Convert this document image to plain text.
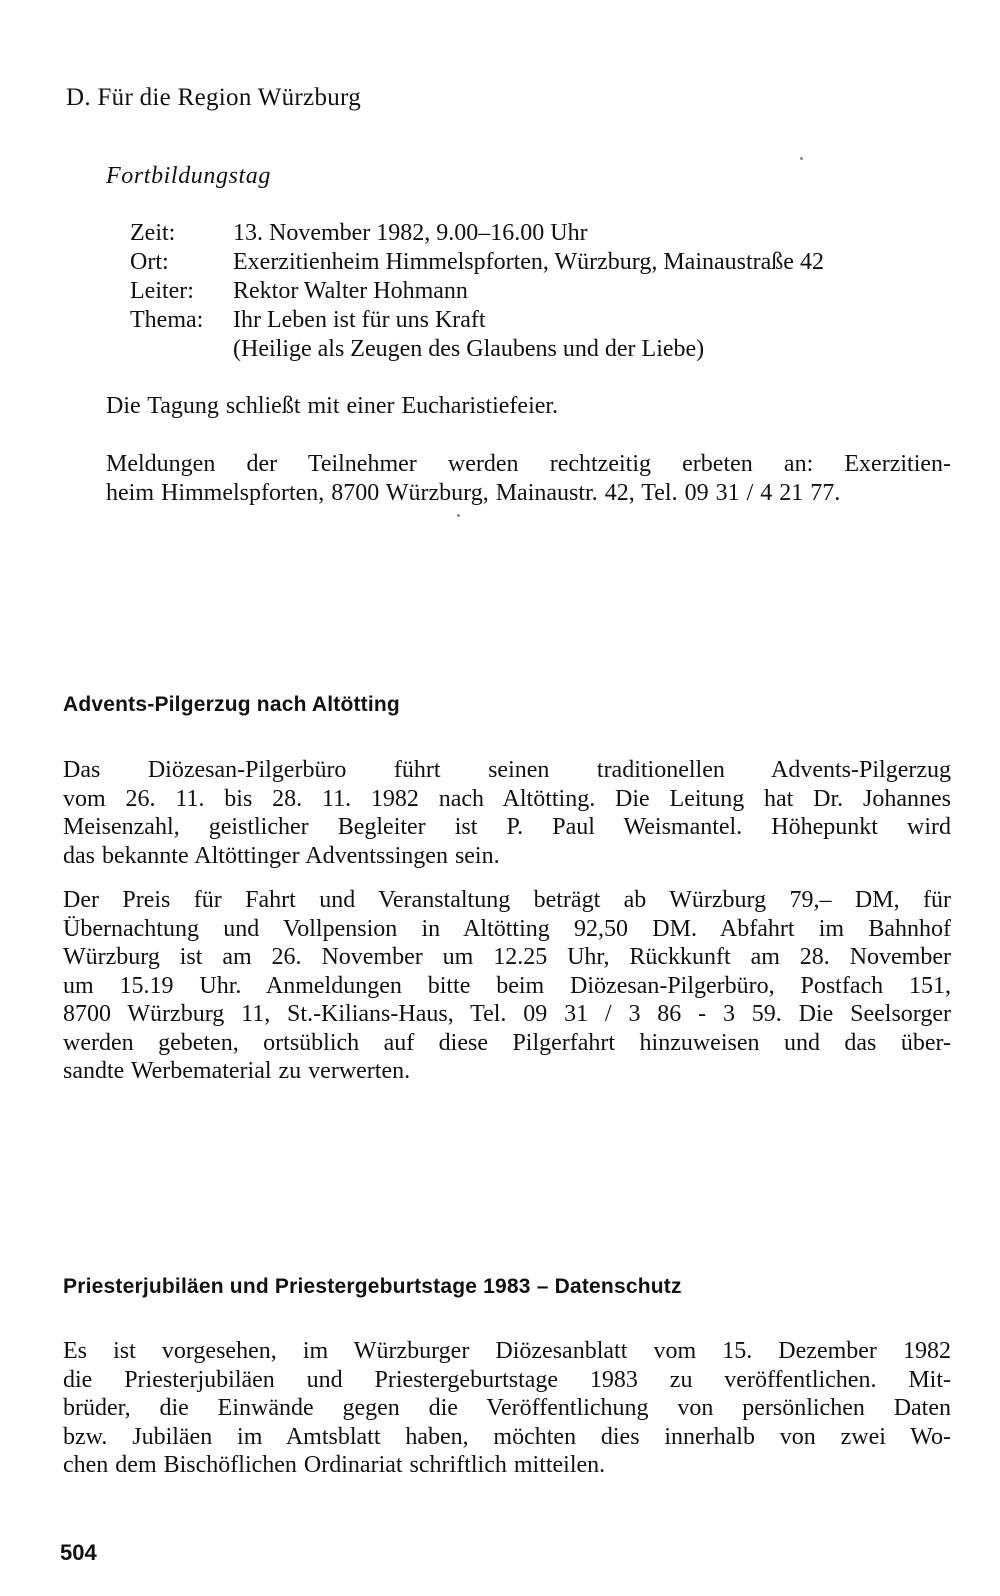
D. Für die Region Würzburg
Fortbildungstag
Zeit:	13. November 1982, 9.00–16.00 Uhr
Ort:	Exerzitienheim Himmelspforten, Würzburg, Mainaustraße 42
Leiter:	Rektor Walter Hohmann
Thema:	Ihr Leben ist für uns Kraft
(Heilige als Zeugen des Glaubens und der Liebe)
Die Tagung schließt mit einer Eucharistiefeier.
Meldungen der Teilnehmer werden rechtzeitig erbeten an: Exerzitien-
heim Himmelspforten, 8700 Würzburg, Mainaustr. 42, Tel. 09 31 / 4 21 77.
Advents-Pilgerzug nach Altötting
Das Diözesan-Pilgerbüro führt seinen traditionellen Advents-Pilgerzug
vom 26. 11. bis 28. 11. 1982 nach Altötting. Die Leitung hat Dr. Johannes
Meisenzahl, geistlicher Begleiter ist P. Paul Weismantel. Höhepunkt wird
das bekannte Altöttinger Adventssingen sein.
Der Preis für Fahrt und Veranstaltung beträgt ab Würzburg 79,– DM, für
Übernachtung und Vollpension in Altötting 92,50 DM. Abfahrt im Bahnhof
Würzburg ist am 26. November um 12.25 Uhr, Rückkunft am 28. November
um 15.19 Uhr. Anmeldungen bitte beim Diözesan-Pilgerbüro, Postfach 151,
8700 Würzburg 11, St.-Kilians-Haus, Tel. 09 31 / 3 86 - 3 59. Die Seelsorger
werden gebeten, ortsüblich auf diese Pilgerfahrt hinzuweisen und das über-
sandte Werbematerial zu verwerten.
Priesterjubiläen und Priestergeburtstage 1983 – Datenschutz
Es ist vorgesehen, im Würzburger Diözesanblatt vom 15. Dezember 1982
die Priesterjubiläen und Priestergeburtstage 1983 zu veröffentlichen. Mit-
brüder, die Einwände gegen die Veröffentlichung von persönlichen Daten
bzw. Jubiläen im Amtsblatt haben, möchten dies innerhalb von zwei Wo-
chen dem Bischöflichen Ordinariat schriftlich mitteilen.
504
